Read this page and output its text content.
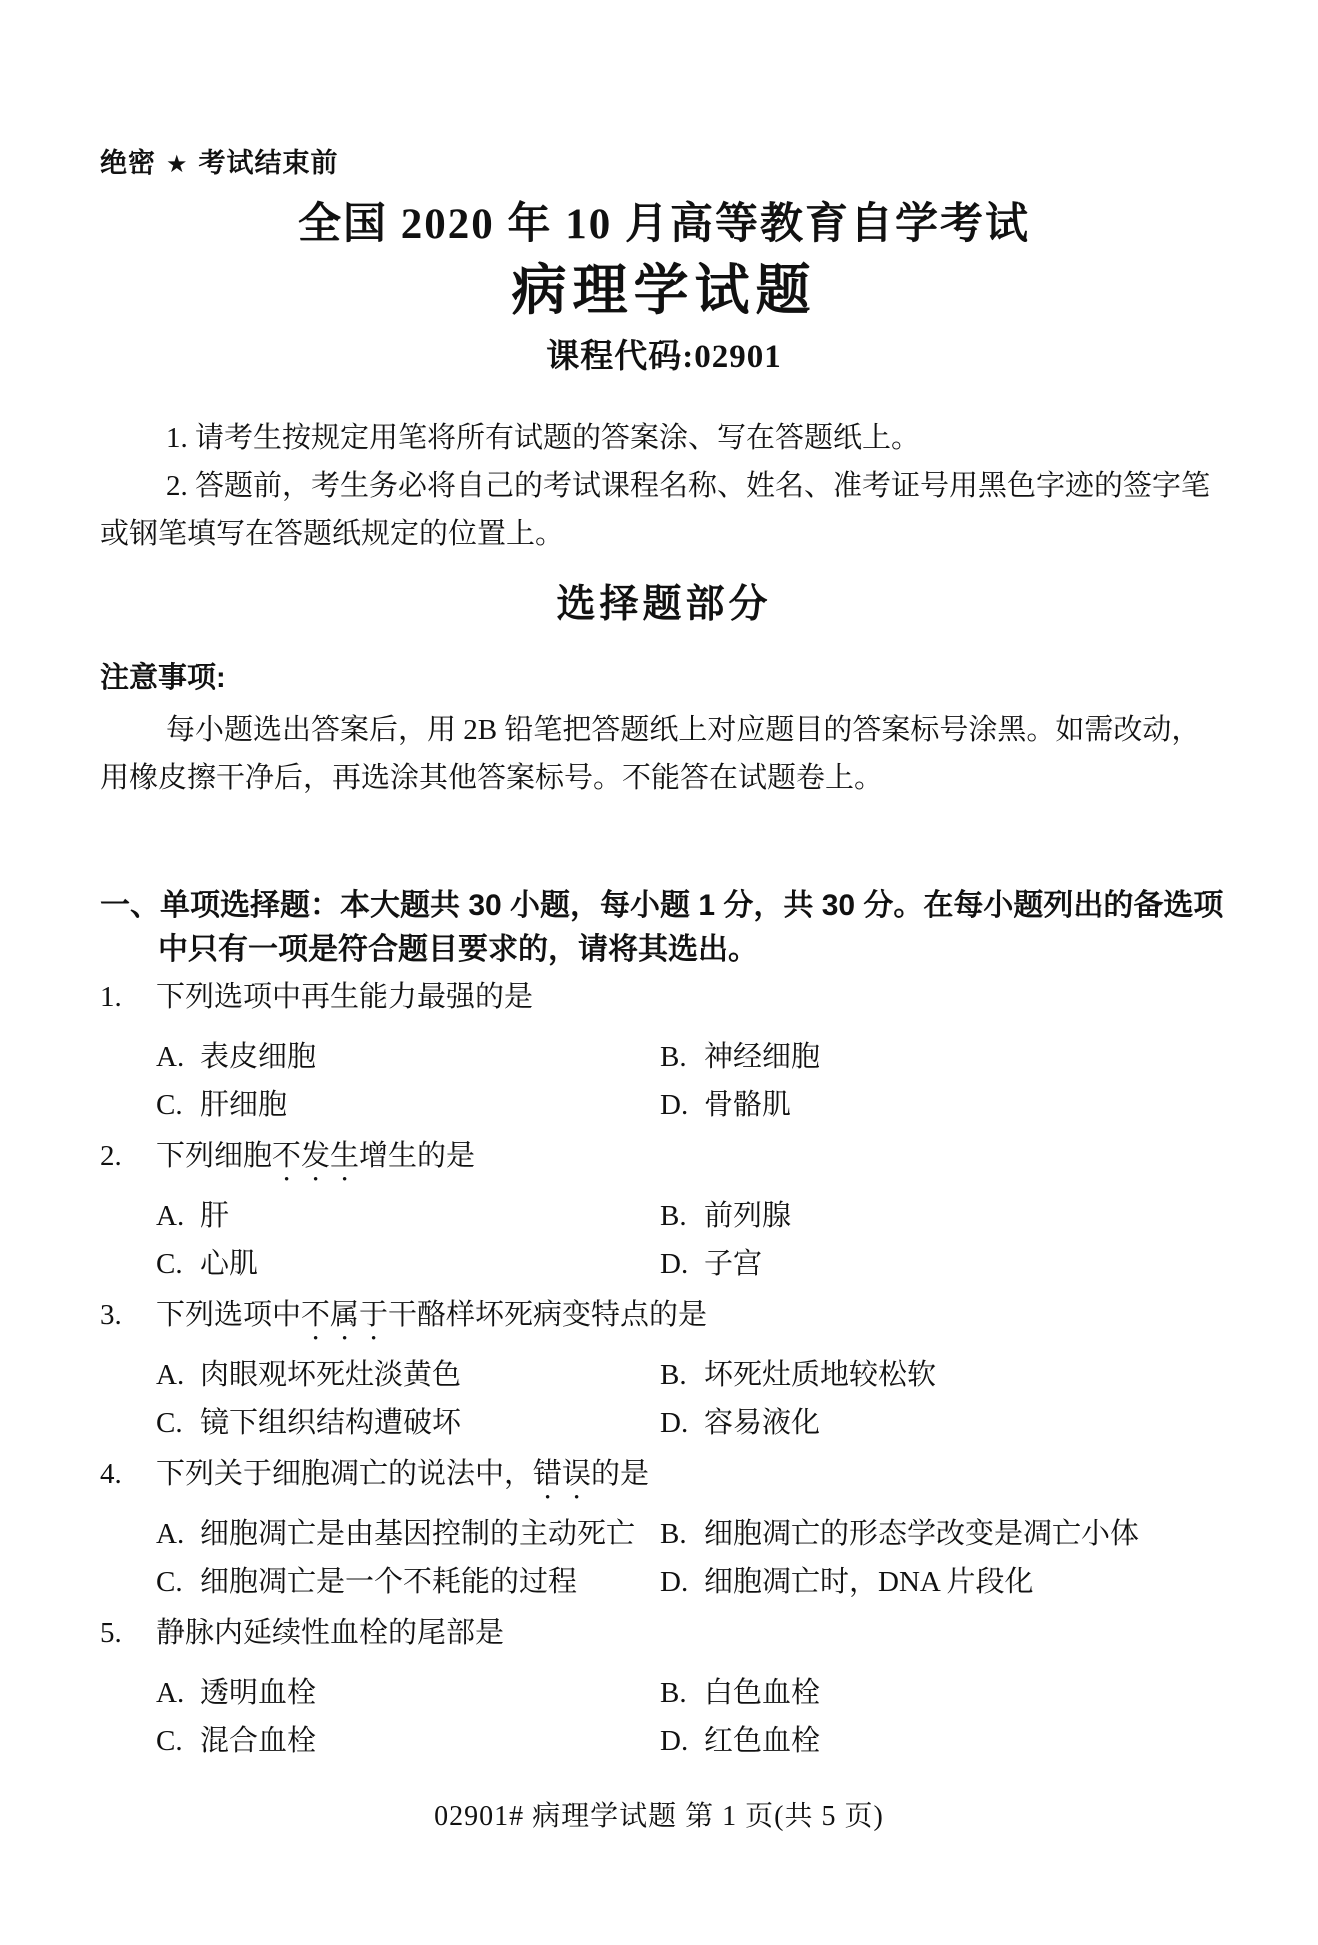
绝密 ★ 考试结束前
全国 2020 年 10 月高等教育自学考试
病理学试题
课程代码:02901

1. 请考生按规定用笔将所有试题的答案涂、写在答题纸上。

2. 答题前，考生务必将自己的考试课程名称、姓名、准考证号用黑色字迹的签字笔或钢笔填写在答题纸规定的位置上。

选择题部分
注意事项:

每小题选出答案后，用 2B 铅笔把答题纸上对应题目的答案标号涂黑。如需改动，用橡皮擦干净后，再选涂其他答案标号。不能答在试题卷上。

一、单项选择题：本大题共 30 小题，每小题 1 分，共 30 分。在每小题列出的备选项中只有一项是符合题目要求的，请将其选出。

1. 下列选项中再生能力最强的是
A. 表皮细胞	B. 神经细胞
C. 肝细胞	D. 骨骼肌
2. 下列细胞不发生增生的是
A. 肝	B. 前列腺
C. 心肌	D. 子宫
3. 下列选项中不属于干酪样坏死病变特点的是
A. 肉眼观坏死灶淡黄色	B. 坏死灶质地较松软
C. 镜下组织结构遭破坏	D. 容易液化
4. 下列关于细胞凋亡的说法中，错误的是
A. 细胞凋亡是由基因控制的主动死亡 B. 细胞凋亡的形态学改变是凋亡小体
C. 细胞凋亡是一个不耗能的过程	D. 细胞凋亡时，DNA 片段化
5. 静脉内延续性血栓的尾部是
A. 透明血栓	B. 白色血栓
C. 混合血栓	D. 红色血栓
02901# 病理学试题 第 1 页(共 5 页)
